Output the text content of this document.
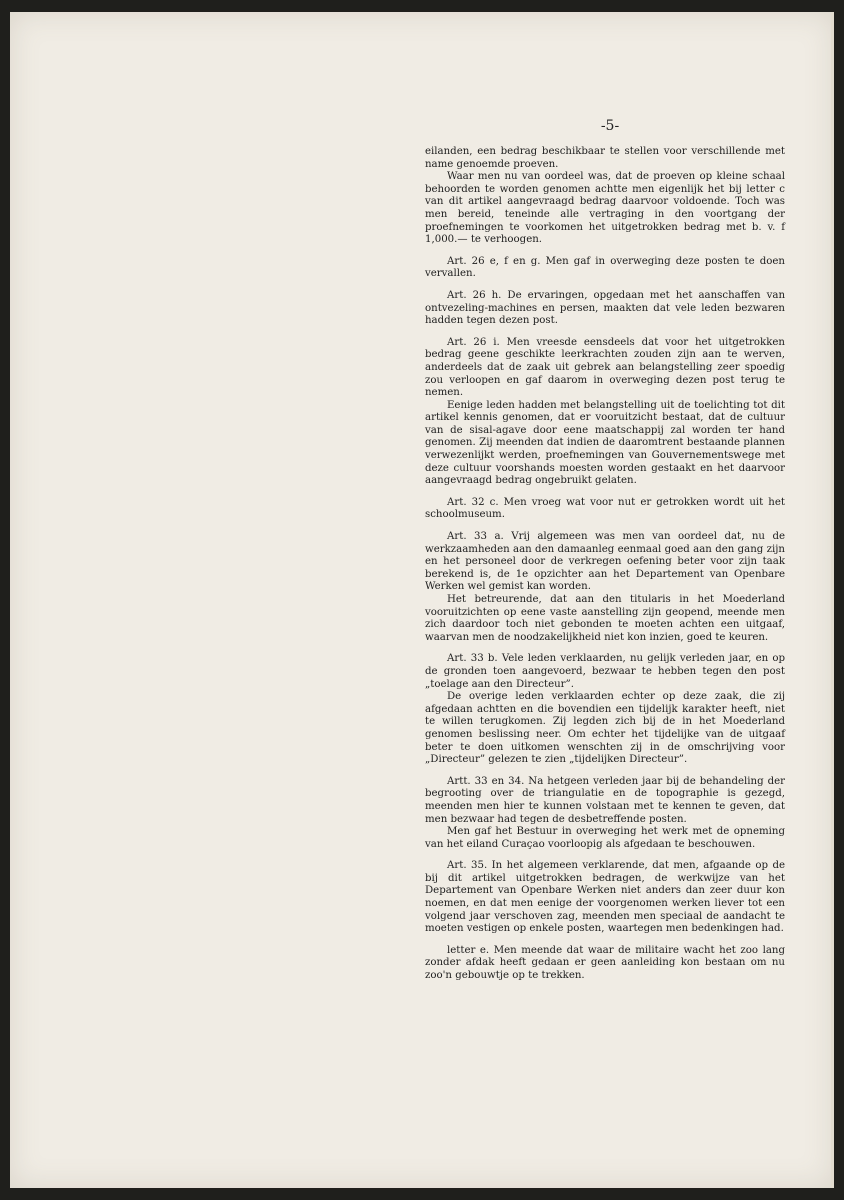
-5-

eilanden, een bedrag beschikbaar te stellen voor verschillende met name genoemde proeven.

Waar men nu van oordeel was, dat de proeven op kleine schaal behoorden te worden genomen achtte men eigenlijk het bij letter c van dit artikel aangevraagd bedrag daarvoor voldoende. Toch was men bereid, teneinde alle vertraging in den voortgang der proefnemingen te voorkomen het uitgetrokken bedrag met b. v. f 1,000.— te verhoogen.

Art. 26 e, f en g. Men gaf in overweging deze posten te doen vervallen.

Art. 26 h. De ervaringen, opgedaan met het aanschaffen van ontvezeling-machines en persen, maakten dat vele leden bezwaren hadden tegen dezen post.

Art. 26 i. Men vreesde eensdeels dat voor het uitgetrokken bedrag geene geschikte leerkrachten zouden zijn aan te werven, anderdeels dat de zaak uit gebrek aan belangstelling zeer spoedig zou verloopen en gaf daarom in overweging dezen post terug te nemen.

Eenige leden hadden met belangstelling uit de toelichting tot dit artikel kennis genomen, dat er vooruitzicht bestaat, dat de cultuur van de sisal-agave door eene maatschappij zal worden ter hand genomen. Zij meenden dat indien de daaromtrent bestaande plannen verwezenlijkt werden, proefnemingen van Gouvernementswege met deze cultuur voorshands moesten worden gestaakt en het daarvoor aangevraagd bedrag ongebruikt gelaten.

Art. 32 c. Men vroeg wat voor nut er getrokken wordt uit het schoolmuseum.

Art. 33 a. Vrij algemeen was men van oordeel dat, nu de werkzaamheden aan den damaanleg eenmaal goed aan den gang zijn en het personeel door de verkregen oefening beter voor zijn taak berekend is, de 1e opzichter aan het Departement van Openbare Werken wel gemist kan worden.

Het betreurende, dat aan den titularis in het Moederland vooruitzichten op eene vaste aanstelling zijn geopend, meende men zich daardoor toch niet gebonden te moeten achten een uitgaaf, waarvan men de noodzakelijkheid niet kon inzien, goed te keuren.

Art. 33 b. Vele leden verklaarden, nu gelijk verleden jaar, en op de gronden toen aangevoerd, bezwaar te hebben tegen den post „toelage aan den Directeur”.

De overige leden verklaarden echter op deze zaak, die zij afgedaan achtten en die bovendien een tijdelijk karakter heeft, niet te willen terugkomen. Zij legden zich bij de in het Moederland genomen beslissing neer. Om echter het tijdelijke van de uitgaaf beter te doen uitkomen wenschten zij in de omschrijving voor „Directeur” gelezen te zien „tijdelijken Directeur”.

Artt. 33 en 34. Na hetgeen verleden jaar bij de behandeling der begrooting over de triangulatie en de topographie is gezegd, meenden men hier te kunnen volstaan met te kennen te geven, dat men bezwaar had tegen de desbetreffende posten.

Men gaf het Bestuur in overweging het werk met de opneming van het eiland Curaçao voorloopig als afgedaan te beschouwen.

Art. 35. In het algemeen verklarende, dat men, afgaande op de bij dit artikel uitgetrokken bedragen, de werkwijze van het Departement van Openbare Werken niet anders dan zeer duur kon noemen, en dat men eenige der voorgenomen werken liever tot een volgend jaar verschoven zag, meenden men speciaal de aandacht te moeten vestigen op enkele posten, waartegen men bedenkingen had.

letter e. Men meende dat waar de militaire wacht het zoo lang zonder afdak heeft gedaan er geen aanleiding kon bestaan om nu zoo'n gebouwtje op te trekken.
